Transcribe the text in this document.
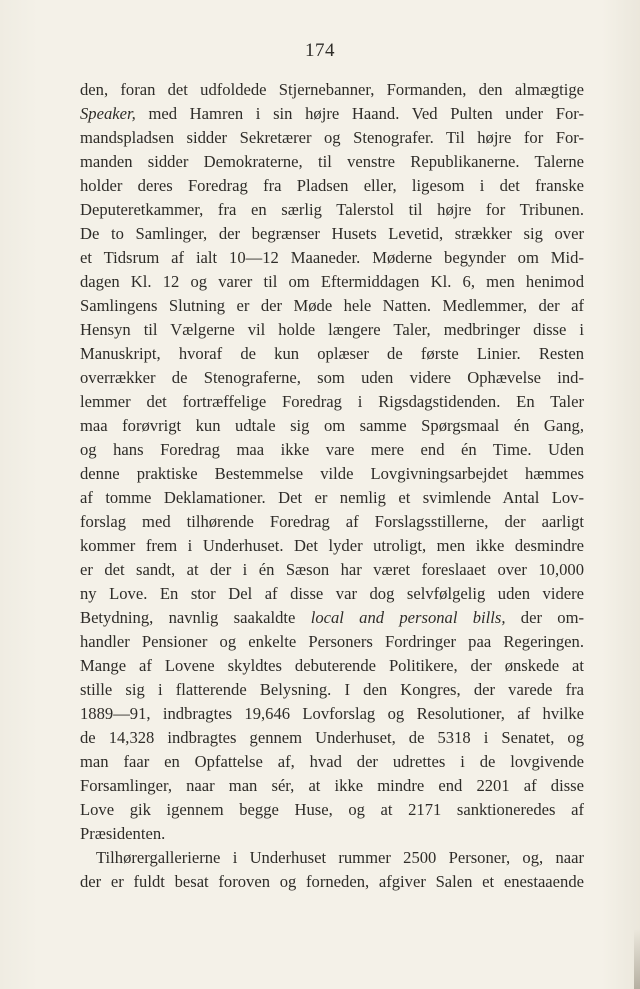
174
den, foran det udfoldede Stjernebanner, Formanden, den almægtige
Speaker, med Hamren i sin højre Haand. Ved Pulten under For-
mandspladsen sidder Sekretærer og Stenografer. Til højre for For-
manden sidder Demokraterne, til venstre Republikanerne. Talerne
holder deres Foredrag fra Pladsen eller, ligesom i det franske
Deputeretkammer, fra en særlig Talerstol til højre for Tribunen.
De to Samlinger, der begrænser Husets Levetid, strækker sig over
et Tidsrum af ialt 10—12 Maaneder. Møderne begynder om Mid-
dagen Kl. 12 og varer til om Eftermiddagen Kl. 6, men henimod
Samlingens Slutning er der Møde hele Natten. Medlemmer, der af
Hensyn til Vælgerne vil holde længere Taler, medbringer disse i
Manuskript, hvoraf de kun oplæser de første Linier. Resten
overrækker de Stenograferne, som uden videre Ophævelse ind-
lemmer det fortræffelige Foredrag i Rigsdagstidenden. En Taler
maa forøvrigt kun udtale sig om samme Spørgsmaal én Gang,
og hans Foredrag maa ikke vare mere end én Time. Uden
denne praktiske Bestemmelse vilde Lovgivningsarbejdet hæmmes
af tomme Deklamationer. Det er nemlig et svimlende Antal Lov-
forslag med tilhørende Foredrag af Forslagsstillerne, der aarligt
kommer frem i Underhuset. Det lyder utroligt, men ikke desmindre
er det sandt, at der i én Sæson har været foreslaaet over 10,000
ny Love. En stor Del af disse var dog selvfølgelig uden videre
Betydning, navnlig saakaldte local and personal bills, der om-
handler Pensioner og enkelte Personers Fordringer paa Regeringen.
Mange af Lovene skyldtes debuterende Politikere, der ønskede at
stille sig i flatterende Belysning. I den Kongres, der varede fra
1889—91, indbragtes 19,646 Lovforslag og Resolutioner, af hvilke
de 14,328 indbragtes gennem Underhuset, de 5318 i Senatet, og
man faar en Opfattelse af, hvad der udrettes i de lovgivende
Forsamlinger, naar man sér, at ikke mindre end 2201 af disse
Love gik igennem begge Huse, og at 2171 sanktioneredes af
Præsidenten.
Tilhørergallerierne i Underhuset rummer 2500 Personer, og, naar
der er fuldt besat foroven og forneden, afgiver Salen et enestaaende
